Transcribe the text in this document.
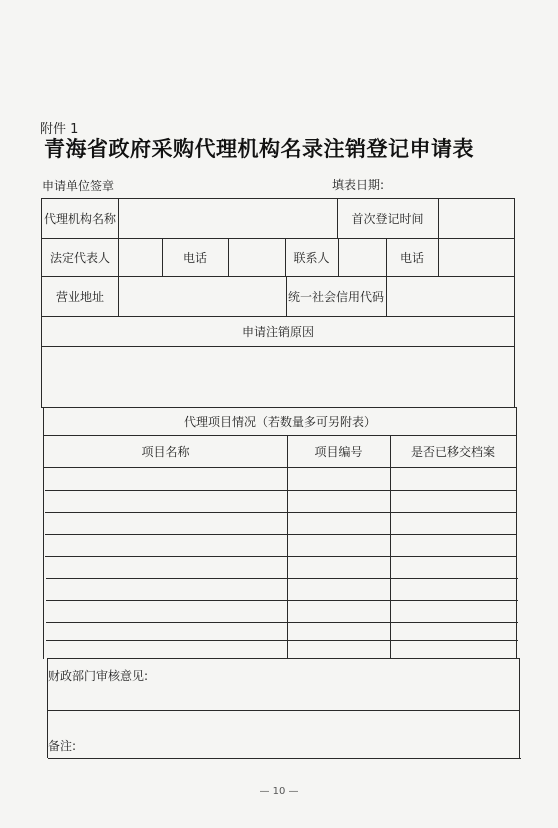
附件 1
青海省政府采购代理机构名录注销登记申请表
申请单位签章	填表日期:
代理机构名称	首次登记时间
法定代表人	电话	联系人	电话
营业地址	统一社会信用代码
申请注销原因
代理项目情况（若数量多可另附表）
项目名称	项目编号	是否已移交档案
财政部门审核意见:
备注:
— 10 —
